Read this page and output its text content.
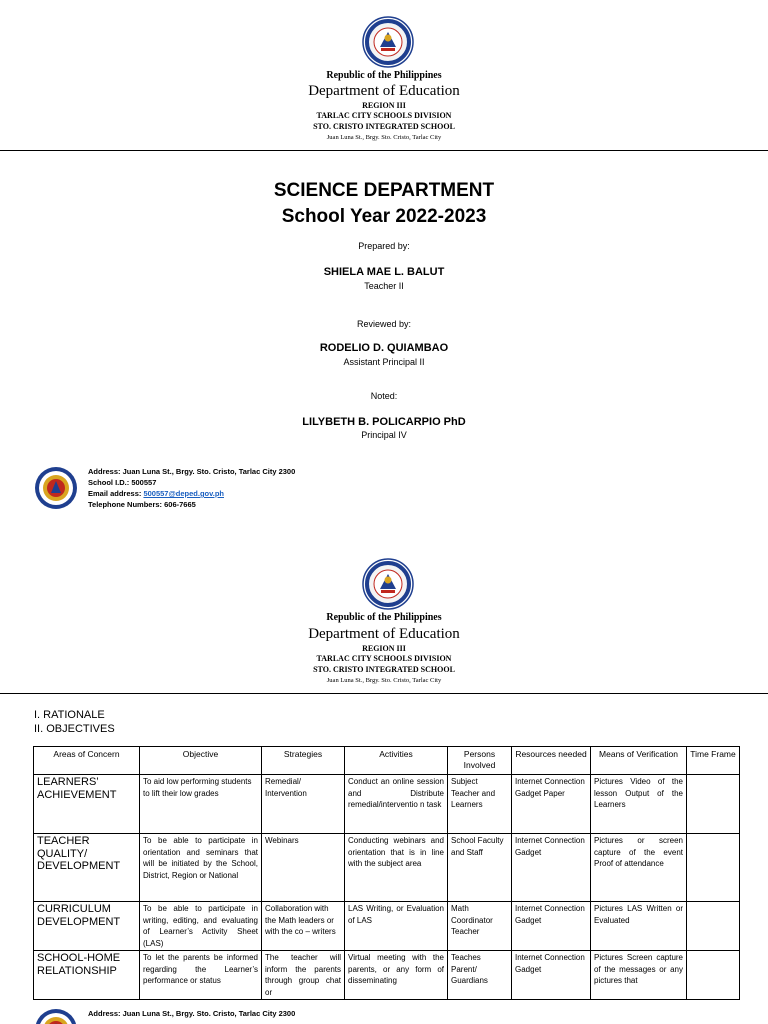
Republic of the Philippines
Department of Education
REGION III
TARLAC CITY SCHOOLS DIVISION
STO. CRISTO INTEGRATED SCHOOL
Juan Luna St., Brgy. Sto. Cristo, Tarlac City
SCIENCE DEPARTMENT
School Year 2022-2023
Prepared by:
SHIELA MAE L. BALUT
Teacher II
Reviewed by:
RODELIO D. QUIAMBAO
Assistant Principal II
Noted:
LILYBETH B. POLICARPIO PhD
Principal IV
Address: Juan Luna St., Brgy. Sto. Cristo, Tarlac City 2300
School I.D.: 500557
Email address: 500557@deped.gov.ph
Telephone Numbers: 606-7665
Republic of the Philippines
Department of Education
REGION III
TARLAC CITY SCHOOLS DIVISION
STO. CRISTO INTEGRATED SCHOOL
Juan Luna St., Brgy. Sto. Cristo, Tarlac City
I. RATIONALE
II. OBJECTIVES
Areas of Concern	Objective	Strategies	Activities	Persons Involved	Resources needed	Means of Verification	Time Frame
LEARNERS’ ACHIEVEMENT	To aid low performing students to lift their low grades	Remedial/ Intervention	Conduct an online session and Distribute remedial/interventio n task	Subject Teacher and Learners	Internet Connection Gadget Paper	Pictures Video of the lesson Output of the Learners	
TEACHER QUALITY/ DEVELOPMENT	To be able to participate in orientation and seminars that will be initiated by the School, District, Region or National	Webinars	Conducting webinars and orientation that is in line with the subject area	School Faculty and Staff	Internet Connection Gadget	Pictures or screen capture of the event Proof of attendance	
CURRICULUM DEVELOPMENT	To be able to participate in writing, editing, and evaluating of Learner’s Activity Sheet (LAS)	Collaboration with the Math leaders or with the co – writers	LAS Writing, or Evaluation of LAS	Math Coordinator Teacher	Internet Connection Gadget	Pictures LAS Written or Evaluated	
SCHOOL-HOME RELATIONSHIP	To let the parents be informed regarding the Learner’s performance or status	The teacher will inform the parents through group chat or	Virtual meeting with the parents, or any form of disseminating	Teaches Parent/ Guardians	Internet Connection Gadget	Pictures Screen capture of the messages or any pictures that	
Address: Juan Luna St., Brgy. Sto. Cristo, Tarlac City 2300
